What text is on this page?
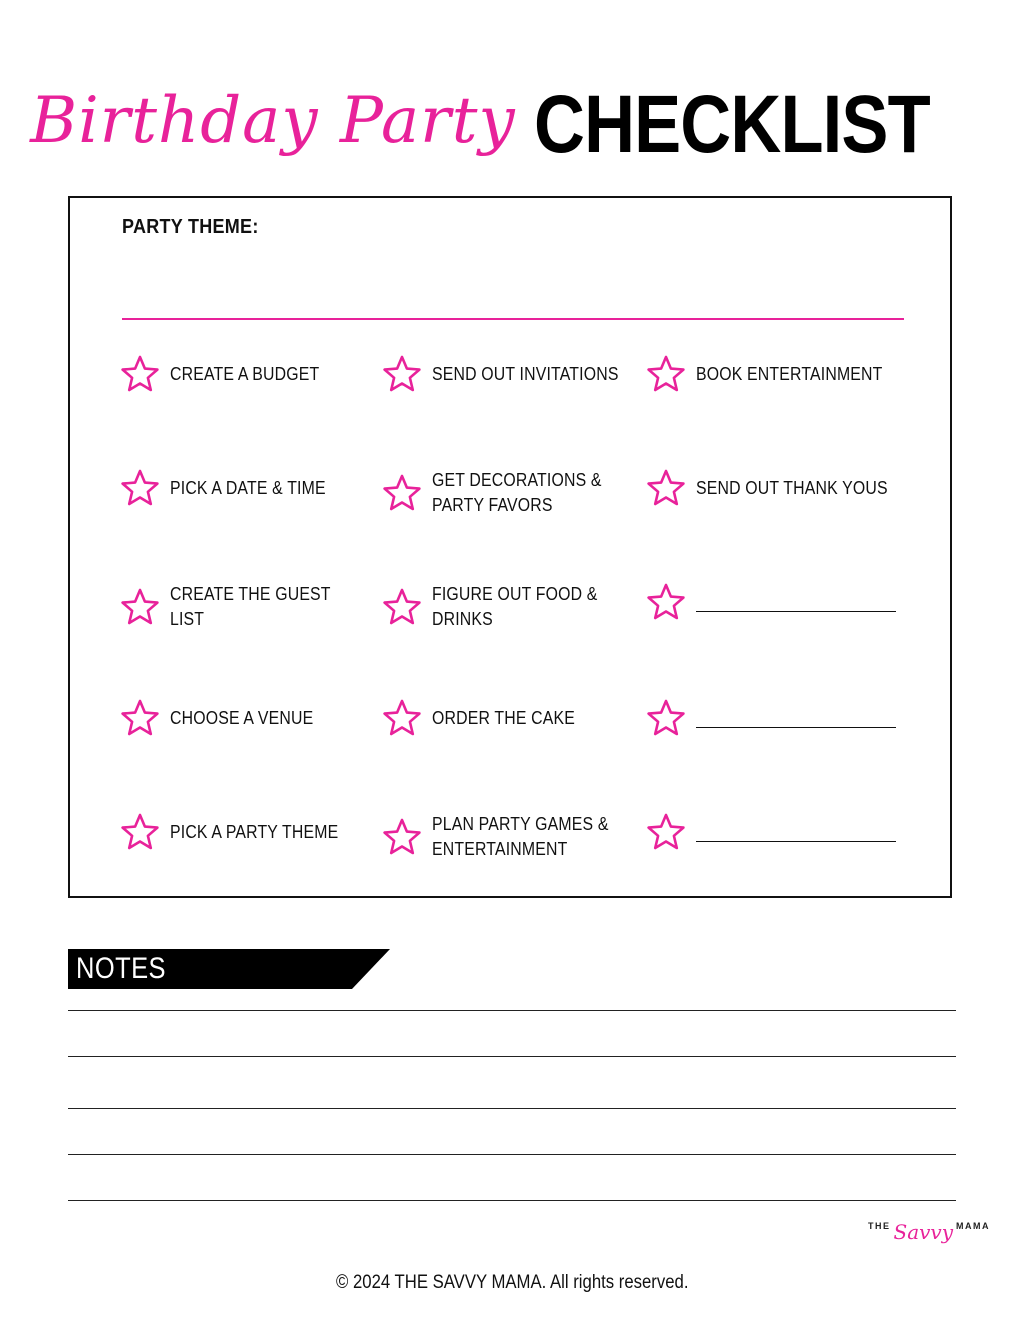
Birthday Party CHECKLIST
PARTY THEME:
CREATE A BUDGET
PICK A DATE & TIME
CREATE THE GUEST LIST
CHOOSE A VENUE
PICK A PARTY THEME
SEND OUT INVITATIONS
GET DECORATIONS & PARTY FAVORS
FIGURE OUT FOOD & DRINKS
ORDER THE CAKE
PLAN PARTY GAMES & ENTERTAINMENT
BOOK ENTERTAINMENT
SEND OUT THANK YOUS
NOTES
$^{THE}$ Savvy $^{MAMA}$
© 2024 THE SAVVY MAMA. All rights reserved.
